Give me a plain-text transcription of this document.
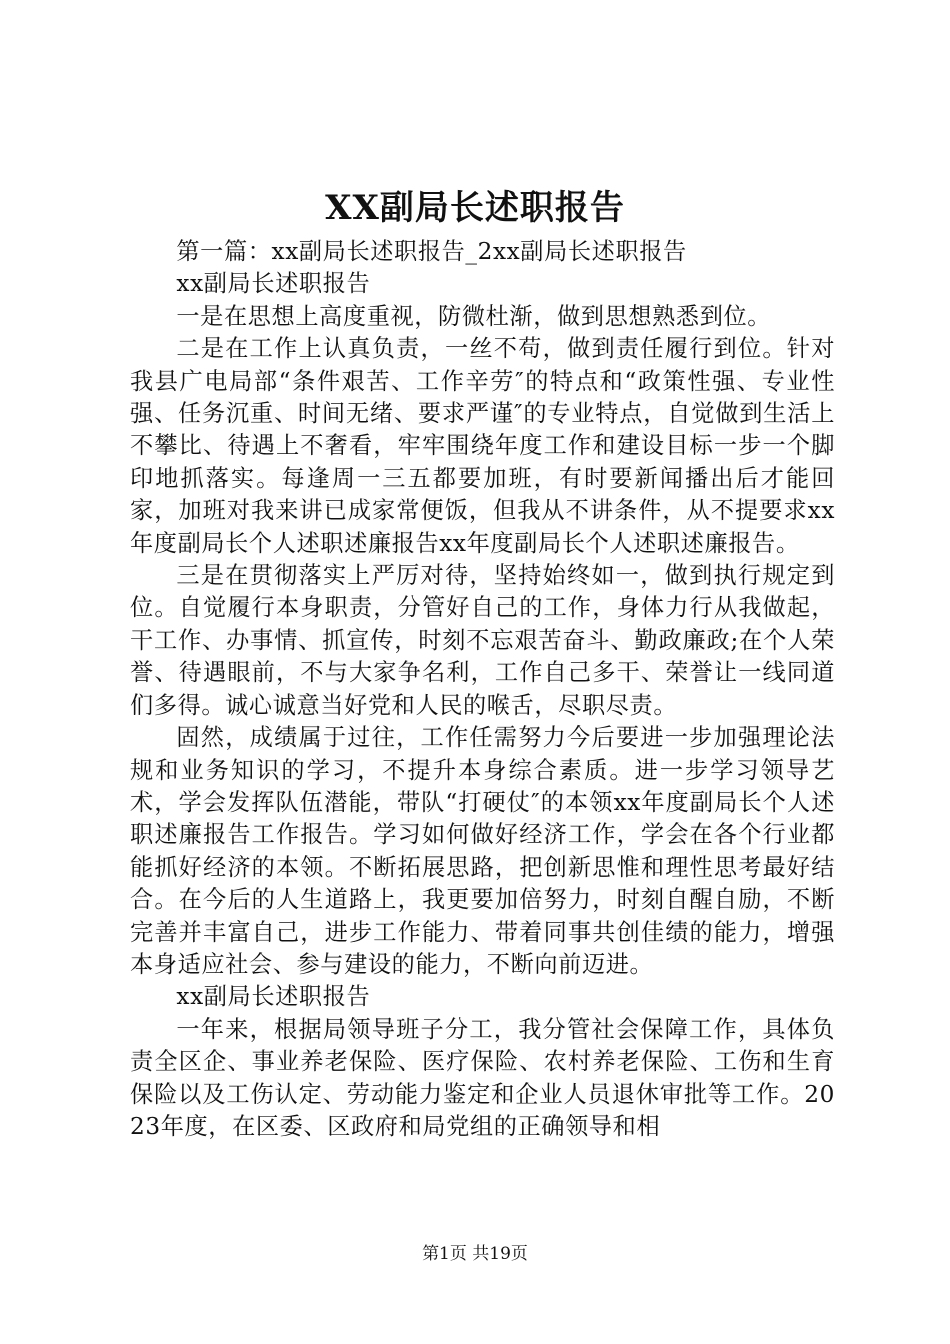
XX副局长述职报告

第一篇：xx副局长述职报告_2xx副局长述职报告

xx副局长述职报告

一是在思想上高度重视，防微杜渐，做到思想熟悉到位。

二是在工作上认真负责，一丝不苟，做到责任履行到位。针对我县广电局部“条件艰苦、工作辛劳″的特点和“政策性强、专业性强、任务沉重、时间无绪、要求严谨″的专业特点，自觉做到生活上不攀比、待遇上不奢看，牢牢围绕年度工作和建设目标一步一个脚印地抓落实。每逢周一三五都要加班，有时要新闻播出后才能回家，加班对我来讲已成家常便饭，但我从不讲条件，从不提要求xx年度副局长个人述职述廉报告xx年度副局长个人述职述廉报告。

三是在贯彻落实上严厉对待，坚持始终如一，做到执行规定到位。自觉履行本身职责，分管好自己的工作，身体力行从我做起，干工作、办事情、抓宣传，时刻不忘艰苦奋斗、勤政廉政;在个人荣誉、待遇眼前，不与大家争名利，工作自己多干、荣誉让一线同道们多得。诚心诚意当好党和人民的喉舌，尽职尽责。

固然，成绩属于过往，工作任需努力今后要进一步加强理论法规和业务知识的学习，不提升本身综合素质。进一步学习领导艺术，学会发挥队伍潜能，带队“打硬仗″的本领xx年度副局长个人述职述廉报告工作报告。学习如何做好经济工作，学会在各个行业都能抓好经济的本领。不断拓展思路，把创新思惟和理性思考最好结合。在今后的人生道路上，我更要加倍努力，时刻自醒自励，不断完善并丰富自己，进步工作能力、带着同事共创佳绩的能力，增强本身适应社会、参与建设的能力，不断向前迈进。

xx副局长述职报告

一年来，根据局领导班子分工，我分管社会保障工作，具体负责全区企、事业养老保险、医疗保险、农村养老保险、工伤和生育保险以及工伤认定、劳动能力鉴定和企业人员退休审批等工作。2023年度，在区委、区政府和局党组的正确领导和相

第1页 共19页
